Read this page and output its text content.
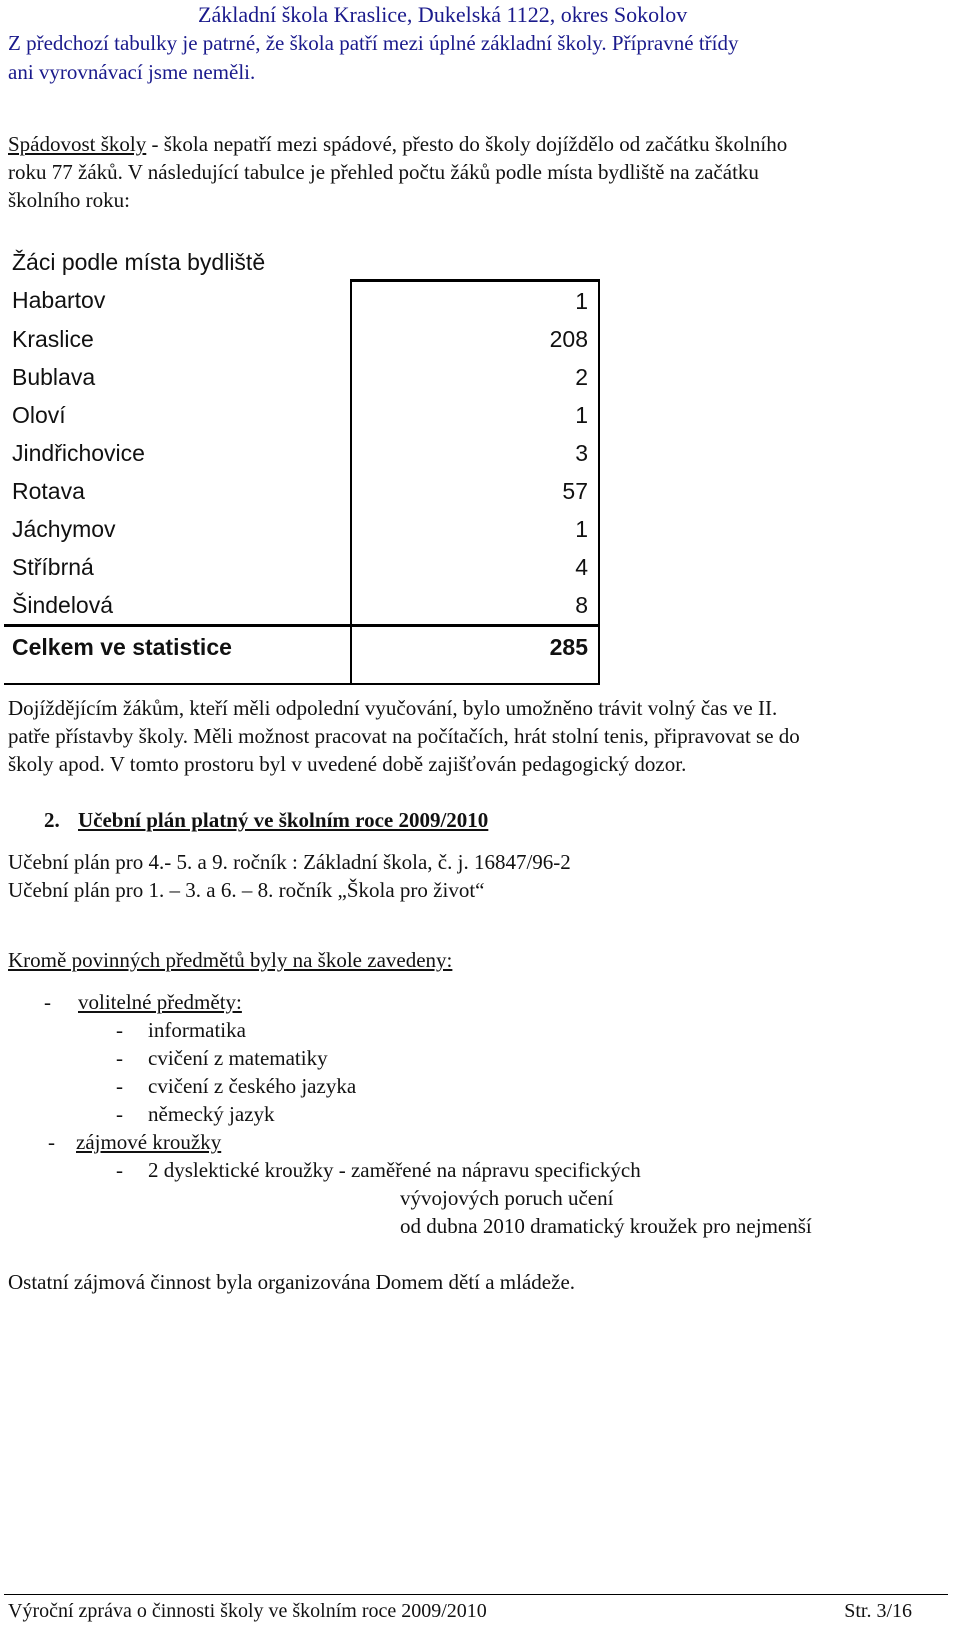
Základní škola Kraslice, Dukelská 1122, okres Sokolov
Z předchozí tabulky je patrné, že škola patří mezi úplné základní školy. Přípravné třídy
ani vyrovnávací jsme neměli.
Spádovost školy - škola nepatří mezi spádové, přesto do školy dojíždělo od začátku školního
roku 77 žáků. V následující tabulce je přehled počtu žáků podle místa bydliště na začátku
školního roku:
Žáci podle místa bydliště
Habartov	1
Kraslice	208
Bublava	2
Oloví	1
Jindřichovice	3
Rotava	57
Jáchymov	1
Stříbrná	4
Šindelová	8
Celkem ve statistice	285

Dojíždějícím žákům, kteří měli odpolední vyučování, bylo umožněno trávit volný čas ve II.
patře přístavby školy. Měli možnost pracovat na počítačích, hrát stolní tenis, připravovat se do
školy apod. V tomto prostoru byl v uvedené době zajišťován pedagogický dozor.
2. Učební plán platný ve školním roce 2009/2010
Učební plán pro 4.- 5. a 9. ročník : Základní škola, č. j. 16847/96-2
Učební plán pro 1. – 3. a 6. – 8. ročník „Škola pro život“
Kromě povinných předmětů byly na škole zavedeny:
- volitelné předměty:
- informatika
- cvičení z matematiky
- cvičení z českého jazyka
- německý jazyk
- zájmové kroužky
- 2 dyslektické kroužky - zaměřené na nápravu specifických
vývojových poruch učení
od dubna 2010 dramatický kroužek pro nejmenší
Ostatní zájmová činnost byla organizována Domem dětí a mládeže.
Výroční zpráva o činnosti školy ve školním roce 2009/2010	Str. 3/16
